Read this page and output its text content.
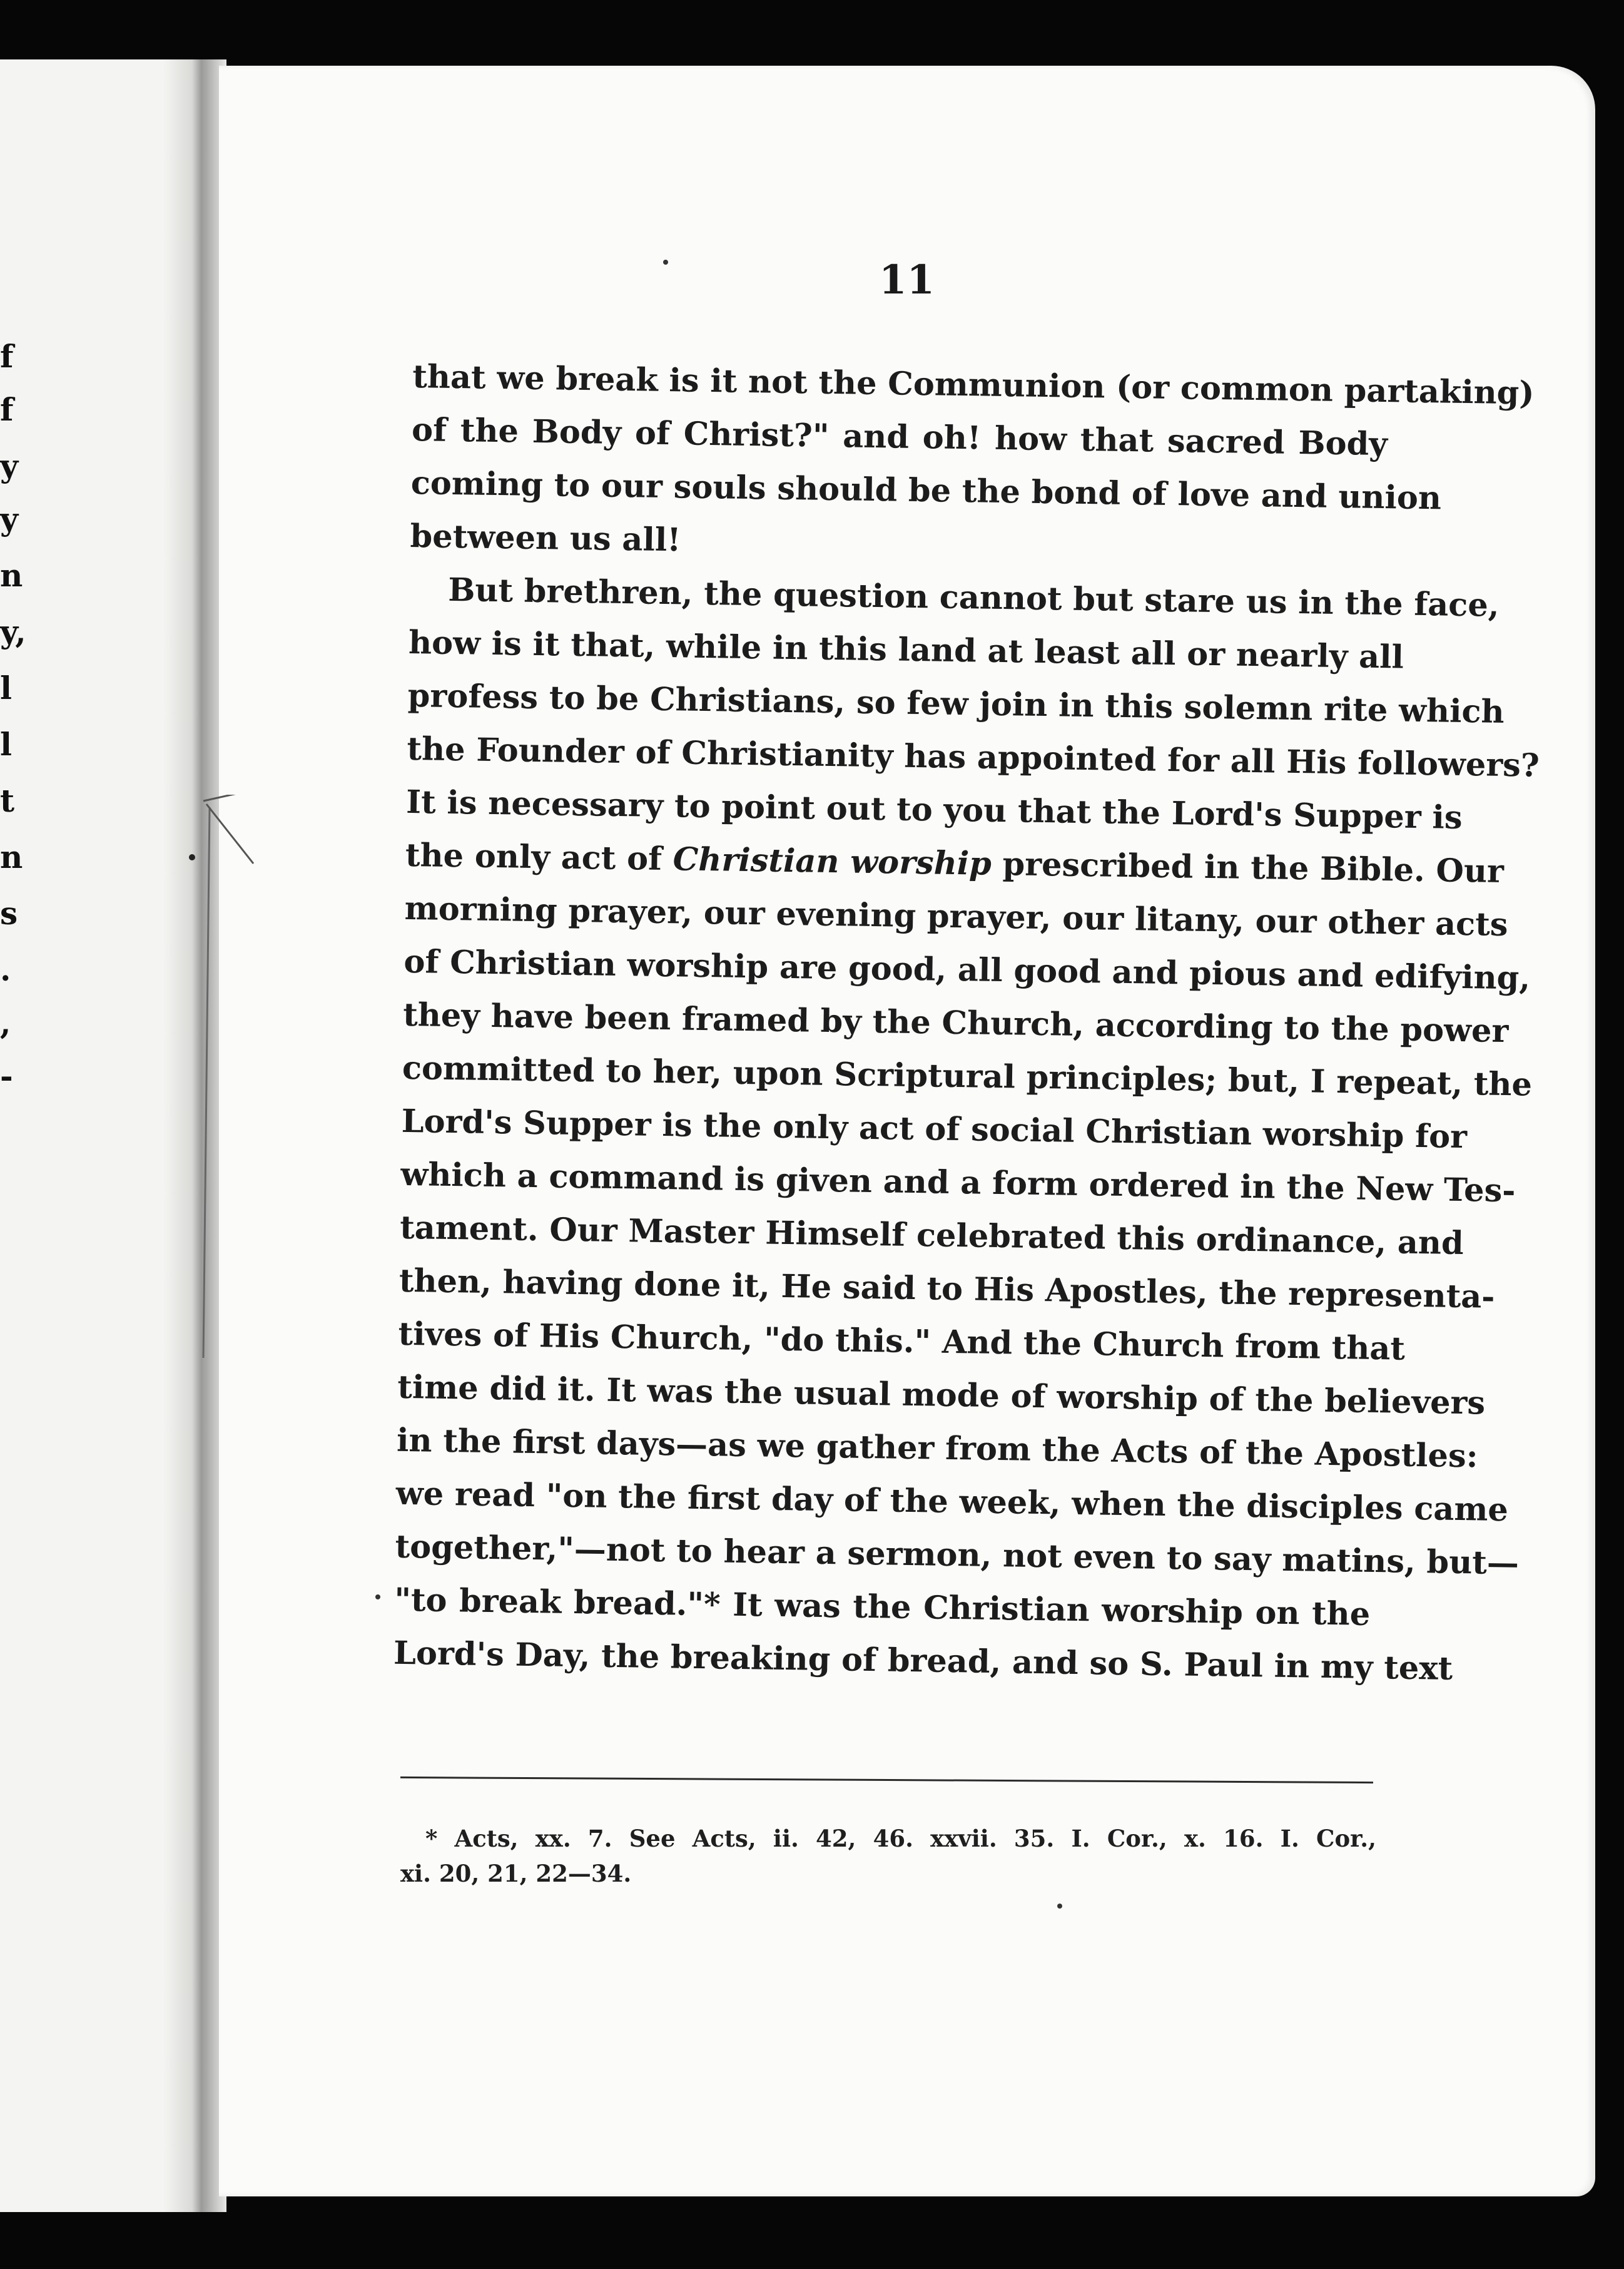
f
f
y
y
n
y,
l
l
t
n
s
.
,
-
11
that we break is it not the Communion (or common partaking)
of the Body of Christ?" and oh! how that sacred Body
coming to our souls should be the bond of love and union
between us all!
But brethren, the question cannot but stare us in the face,
how is it that, while in this land at least all or nearly all
profess to be Christians, so few join in this solemn rite which
the Founder of Christianity has appointed for all His followers?
It is necessary to point out to you that the Lord's Supper is
the only act of Christian worship prescribed in the Bible. Our
morning prayer, our evening prayer, our litany, our other acts
of Christian worship are good, all good and pious and edifying,
they have been framed by the Church, according to the power
committed to her, upon Scriptural principles; but, I repeat, the
Lord's Supper is the only act of social Christian worship for
which a command is given and a form ordered in the New Tes-
tament. Our Master Himself celebrated this ordinance, and
then, having done it, He said to His Apostles, the representa-
tives of His Church, "do this." And the Church from that
time did it. It was the usual mode of worship of the believers
in the first days—as we gather from the Acts of the Apostles:
we read "on the first day of the week, when the disciples came
together,"—not to hear a sermon, not even to say matins, but—
"to break bread."* It was the Christian worship on the
Lord's Day, the breaking of bread, and so S. Paul in my text
* Acts, xx. 7. See Acts, ii. 42, 46. xxvii. 35. I. Cor., x. 16. I. Cor.,
xi. 20, 21, 22—34.
